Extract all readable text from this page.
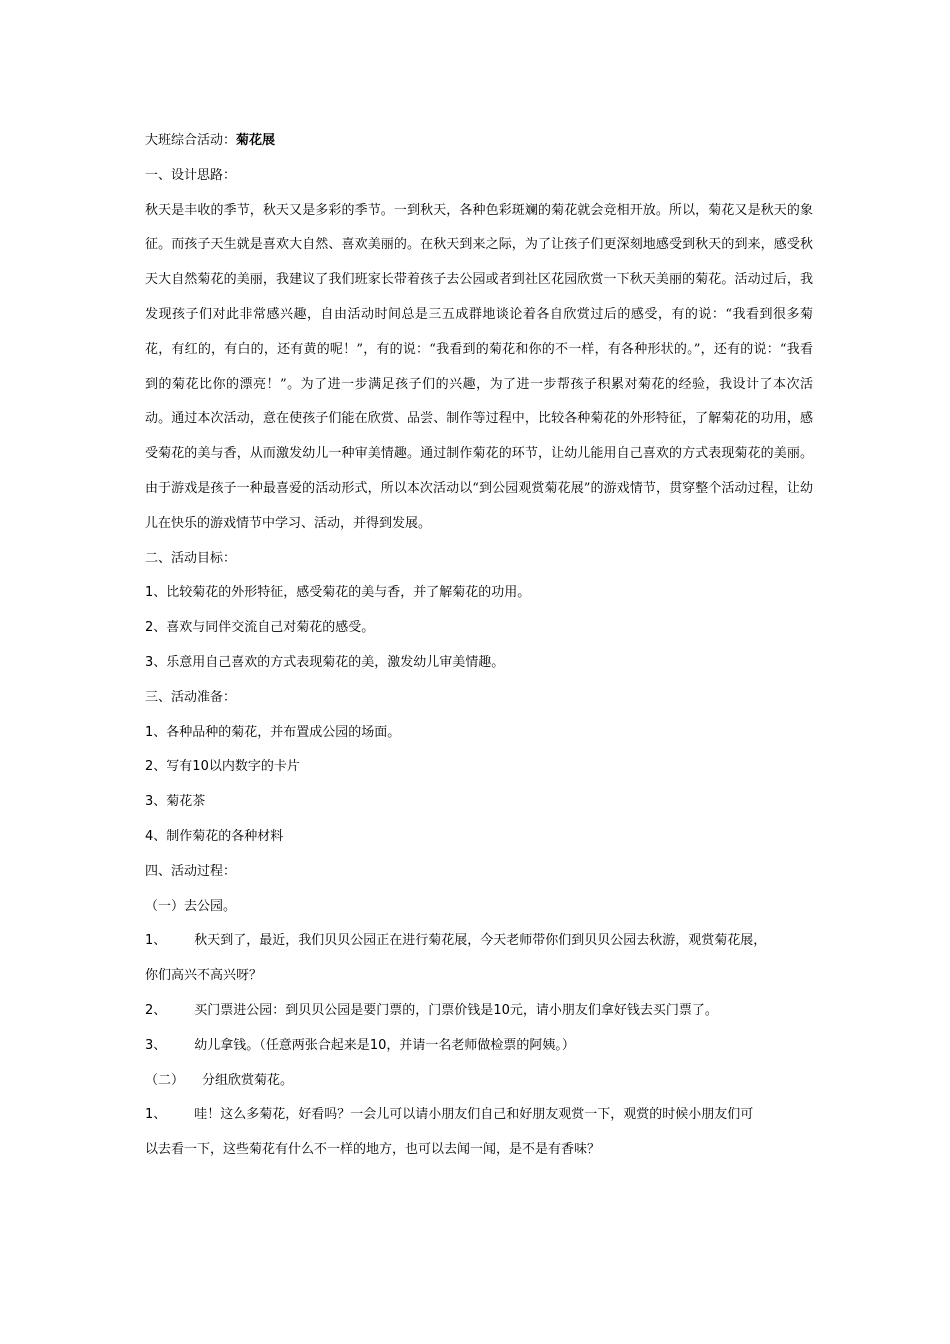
大班综合活动：菊花展
一、设计思路：
秋天是丰收的季节，秋天又是多彩的季节。一到秋天，各种色彩斑斓的菊花就会竞相开放。所以，菊花又是秋天的象征。而孩子天生就是喜欢大自然、喜欢美丽的。在秋天到来之际，为了让孩子们更深刻地感受到秋天的到来，感受秋天大自然菊花的美丽，我建议了我们班家长带着孩子去公园或者到社区花园欣赏一下秋天美丽的菊花。活动过后，我发现孩子们对此非常感兴趣，自由活动时间总是三五成群地谈论着各自欣赏过后的感受，有的说：“我看到很多菊花，有红的，有白的，还有黄的呢！”，有的说：“我看到的菊花和你的不一样，有各种形状的。”，还有的说：“我看到的菊花比你的漂亮！”。为了进一步满足孩子们的兴趣，为了进一步帮孩子积累对菊花的经验，我设计了本次活动。通过本次活动，意在使孩子们能在欣赏、品尝、制作等过程中，比较各种菊花的外形特征，了解菊花的功用，感受菊花的美与香，从而激发幼儿一种审美情趣。通过制作菊花的环节，让幼儿能用自己喜欢的方式表现菊花的美丽。由于游戏是孩子一种最喜爱的活动形式，所以本次活动以“到公园观赏菊花展”的游戏情节，贯穿整个活动过程，让幼儿在快乐的游戏情节中学习、活动，并得到发展。
二、活动目标：
1、比较菊花的外形特征，感受菊花的美与香，并了解菊花的功用。
2、喜欢与同伴交流自己对菊花的感受。
3、乐意用自己喜欢的方式表现菊花的美，激发幼儿审美情趣。
三、活动准备：
1、各种品种的菊花，并布置成公园的场面。
2、写有10以内数字的卡片
3、菊花茶
4、制作菊花的各种材料
四、活动过程：
（一）去公园。
1、 秋天到了，最近，我们贝贝公园正在进行菊花展，今天老师带你们到贝贝公园去秋游，观赏菊花展，
你们高兴不高兴呀？
2、 买门票进公园：到贝贝公园是要门票的，门票价钱是10元，请小朋友们拿好钱去买门票了。
3、 幼儿拿钱。（任意两张合起来是10，并请一名老师做检票的阿姨。）
（二） 分组欣赏菊花。
1、 哇！这么多菊花，好看吗？一会儿可以请小朋友们自己和好朋友观赏一下，观赏的时候小朋友们可
以去看一下，这些菊花有什么不一样的地方，也可以去闻一闻，是不是有香味？
